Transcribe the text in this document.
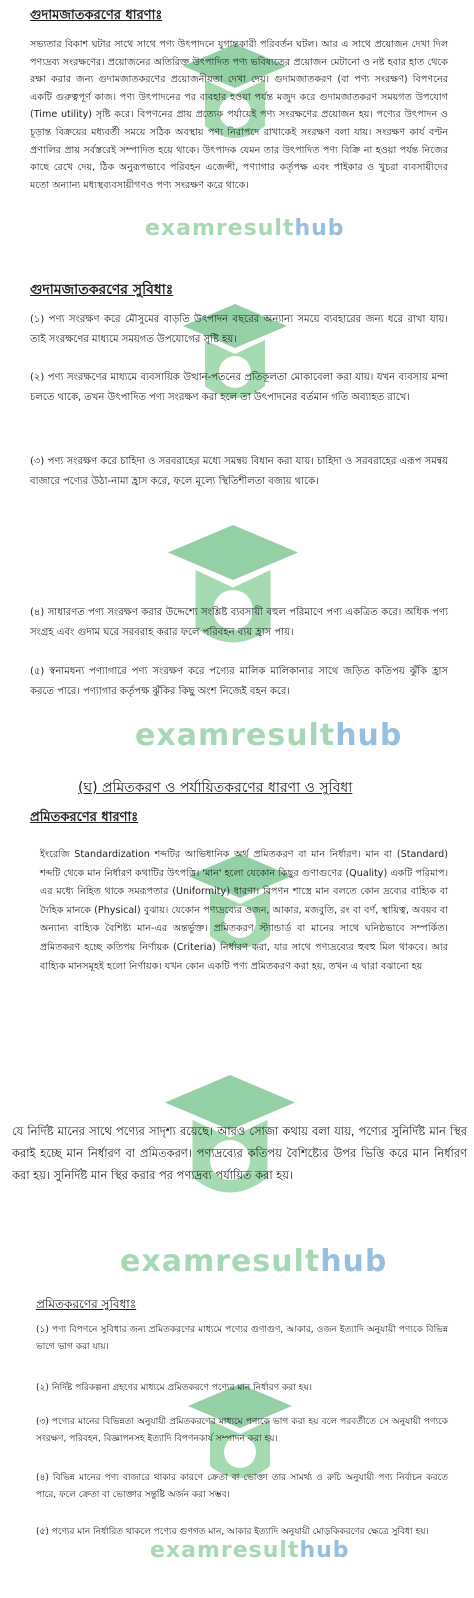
examresulthub
examresulthub
examresulthub
examresulthub
গুদামজাতকরণের ধারণাঃ

সভ্যতার বিকাশ ঘটার সাথে সাথে পণ্য উৎপাদনে যুগান্তকারী পরিবর্তন ঘটল। আর এ সাথে প্রয়োজন দেখা দিল পণ্যদ্রব্য সংরক্ষণের। প্রয়োজনের অতিরিক্ত উৎপাদিত পণ্য ভবিষ্যতের প্রয়োজন মেটানো ও নষ্ট হবার হাত থেকে রক্ষা করার জন্য গুদামজাতকরণের প্রয়োজনীয়তা দেখা দেয়। গুদামজাতকরণ (বা পণ্য সংরক্ষণ) বিপণনের একটি গুরুত্বপূর্ণ কাজ। পণ্য উৎপাদনের পর ব্যবহার হওয়া পর্যন্ত মজুদ করে গুদামজাতকরণ সময়গত উপযোগ (Time utility) সৃষ্টি করে। বিপণনের প্রায় প্রত্যেক পর্যায়েই পণ্য সংরক্ষণের প্রয়োজন হয়। পণ্যের উৎপাদন ও চূড়ান্ত বিক্রয়ের মধ্যবর্তী সময়ে সঠিক অবস্থায় পণ্য নিরাপদে রাখাকেই সংরক্ষণ বলা যায়। সংরক্ষণ কার্য বণ্টন প্রণালির প্রায় সর্বস্তরেই সম্পাদিত হয়ে থাকে। উৎপাদক যেমন তার উৎপাদিত পণ্য বিক্রি না হওয়া পর্যন্ত নিজের কাছে রেখে দেয়, ঠিক অনুরূপভাবে পরিবহন এজেন্সী, পণ্যাগার কর্তৃপক্ষ এবং পাইকার ও খুচরা ব্যবসায়ীদের মতো অন্যান্য মধ্যস্থব্যবসায়ীগণও পণ্য সংরক্ষণ করে থাকে।

গুদামজাতকরণের সুবিধাঃ

(১) পণ্য সংরক্ষণ করে মৌসুমের বাড়তি উৎপাদন বছরের অন্যান্য সময়ে ব্যবহারের জন্য ধরে রাখা যায়। তাই সংরক্ষণের মাধ্যমে সময়গত উপযোগের সৃষ্টি হয়।

(২) পণ্য সংরক্ষণের মাধ্যমে ব্যবসায়িক উত্থান-পতনের প্রতিকূলতা মোকাবেলা করা যায়। যখন ব্যবসায় মন্দা চলতে থাকে, তখন উৎপাদিত পণ্য সংরক্ষণ করা হলে তা উৎপাদনের বর্তমান গতি অব্যাহত রাখে।

(৩) পণ্য সংরক্ষণ করে চাহিদা ও সরবরাহের মধ্যে সমন্বয় বিধান করা যায়। চাহিদা ও সরবরাহের এরূপ সমন্বয় বাজারে পণ্যের উঠা-নামা হ্রাস করে, ফলে মূল্যে স্থিতিশীলতা বজায় থাকে।

(৪) সাধারণত পণ্য সংরক্ষণ করার উদ্দেশ্যে সংশ্লিষ্ট ব্যবসায়ী বহুল পরিমাণে পণ্য একত্রিত করে। অধিক পণ্য সংগ্রহ এবং গুদাম ঘরে সরবরাহ করার ফলে পরিবহন ব্যয় হ্রাস পায়।

(৫) স্বনামধন্য পণ্যাগারে পণ্য সংরক্ষণ করে পণ্যের মালিক মালিকানার সাথে জড়িত কতিপয় ঝুঁকি হ্রাস করতে পারে। পণ্যাগার কর্তৃপক্ষ ঝুঁকির কিছু অংশ নিজেই বহন করে।

(ঘ) প্রমিতকরণ ও পর্যায়িতকরণের ধারণা ও সুবিধা
প্রমিতকরণের ধারণাঃ

ইংরেজি Standardization শব্দটির আভিধানিক অর্থ প্রমিতকরণ বা মান নির্ধারণ। মান বা (Standard) শব্দটি থেকে মান নির্ধারণ কথাটির উৎপত্তি। 'মান' হলো যেকোন কিছুর গুণাগুণের (Quality) একটি পরিমাপ। এর মধ্যে নিহিত থাকে সমরূপতার (Uniformity) ধারণা। বিপণন শাস্ত্রে মান বলতে কোন দ্রব্যের বাহ্যিক বা দৈহিক মানকে (Physical) বুঝায়। যেকোন পণ্যদ্রব্যের ওজন, আকার, মজবুতি, রং বা বর্ণ, স্থায়িত্ব, অবয়ব বা অন্যান্য বাহ্যিক বৈশিষ্ট্য মান-এর অন্তর্ভুক্ত। প্রমিতকরণ স্ট্যান্ডার্ড বা মানের সাথে ঘনিষ্ঠভাবে সম্পর্কিত। প্রমিতকরণ হচ্ছে কতিপয় নির্ণায়ক (Criteria) নির্ধারণ করা, যার সাথে পণ্যদ্রব্যের হুবহু মিল থাকবে। আর বাহ্যিক মানসমূহই হলো নির্ণায়ক। যখন কোন একটি পণ্য প্রমিতকরণ করা হয়, তখন এ দ্বারা বঝানো হয়

যে নির্দিষ্ট মানের সাথে পণ্যের সাদৃশ্য রয়েছে। আরও সোজা কথায় বলা যায়, পণ্যের সুনির্দিষ্ট মান স্থির করাই হচ্ছে মান নির্ধারণ বা প্রমিতকরণ। পণ্যদ্রব্যের কতিপয় বৈশিষ্ট্যের উপর ভিত্তি করে মান নির্ধারণ করা হয়। সুনির্দিষ্ট মান স্থির করার পর পণ্যদ্রব্য পর্যায়িত করা হয়।

প্রমিতকরণের সুবিধাঃ

(১) পণ্য বিপণনে সুবিধার জন্য প্রমিতকরণের মাধ্যমে পণ্যের গুণাগুণ, আকার, ওজন ইত্যাদি অনুযায়ী পণ্যকে বিভিন্ন ভাগে ভাগ করা যায়।

(২) নির্দিষ্ট পরিকল্পনা গ্রহণের মাধ্যমে প্রমিতকরণে পণ্যের মান নির্ধারণ করা হয়।

(৩) পণ্যের মানের বিভিন্নতা অনুযায়ী প্রমিতকরণের মাধ্যমে পণ্যকে ভাগ করা হয় বলে পরবর্তীতে সে অনুযায়ী পণ্যকে সংরক্ষণ, পরিবহন, বিজ্ঞাপনসহ ইত্যাদি বিপণনকার্য সম্পাদন করা হয়।

(৪) বিভিন্ন মানের পণ্য বাজারে থাকার কারণে ক্রেতা বা ভোক্তা তার সামর্থ্য ও রুচি অনুযায়ী পণ্য নির্বাচন করতে পারে, ফলে ক্রেতা বা ভোক্তার সন্তুষ্টি অর্জন করা সম্ভব।

(৫) পণ্যের মান নির্ধারিত থাকলে পণ্যের গুণগত মান, আকার ইত্যাদি অনুযায়ী মোড়কিকরণের ক্ষেত্রে সুবিধা হয়।
